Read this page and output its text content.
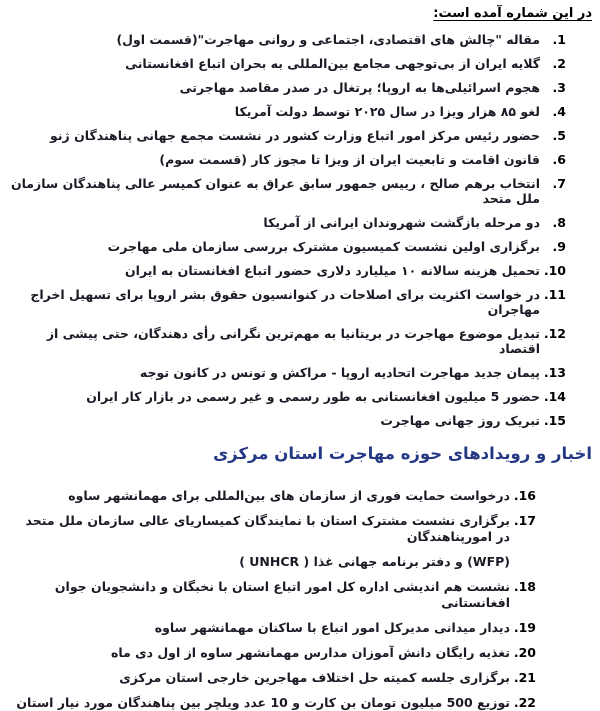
در این شماره آمده است:
1.
مقاله "چالش های اقتصادی، اجتماعی و روانی مهاجرت"(قسمت اول)
2.
گلایه ایران از بی‌توجهی مجامع بین‌المللی به بحران اتباع افغانستانی
3.
هجوم اسرائیلی‌ها به اروپا؛ پرتغال در صدر مقاصد مهاجرتی
4.
لغو ۸۵ هزار ویزا در سال ۲۰۲۵ توسط دولت آمریکا
5.
حضور رئیس مرکز امور اتباع وزارت کشور در نشست مجمع جهانی پناهندگان ژنو
6.
قانون اقامت و تابعیت ایران از ویزا تا مجوز کار (قسمت سوم)
7.
انتخاب برهم صالح ، رییس جمهور سابق عراق به عنوان کمیسر عالی پناهندگان سازمان ملل متحد
8.
دو مرحله بازگشت شهروندان ایرانی از آمریکا
9.
برگزاری اولین نشست کمیسیون مشترک بررسی سازمان ملی مهاجرت
10.
تحمیل هزینه سالانه ۱۰ میلیارد دلاری حضور اتباع افغانستان به ایران
11.
در خواست اکثریت برای اصلاحات در کنوانسیون حقوق بشر اروپا برای تسهیل اخراج مهاجران
12.
تبدیل موضوع مهاجرت در بریتانیا به مهم‌ترین نگرانی رأی دهندگان، حتی پیشی از اقتصاد
13.
پیمان جدید مهاجرت اتحادیه اروپا - مراکش و تونس در کانون توجه
14.
حضور 5 میلیون افغانستانی به طور رسمی و غیر رسمی در بازار کار ایران
15.
تبریک روز جهانی مهاجرت
اخبار و رویدادهای حوزه مهاجرت استان مرکزی
16.
درخواست حمایت فوری از سازمان های بین‌المللی برای مهمانشهر ساوه
17.
برگزاری نشست مشترک استان با نمایندگان کمیساریای عالی سازمان ملل متحد در امورپناهندگان
( UNHCR ) و دفتر برنامه جهانی غذا (WFP)
18.
نشست هم اندیشی اداره کل امور اتباع استان با نخبگان و دانشجویان جوان افغانستانی
19.
دیدار میدانی مدیرکل امور اتباع با ساکنان مهمانشهر ساوه
20.
تغذیه رایگان دانش آموزان مدارس مهمانشهر ساوه از اول دی ماه
21.
برگزاری جلسه کمیته حل اختلاف مهاجرین خارجی استان مرکزی
22.
توزیع 500 میلیون تومان بن کارت و 10 عدد ویلچر بین پناهندگان مورد نیار استان
